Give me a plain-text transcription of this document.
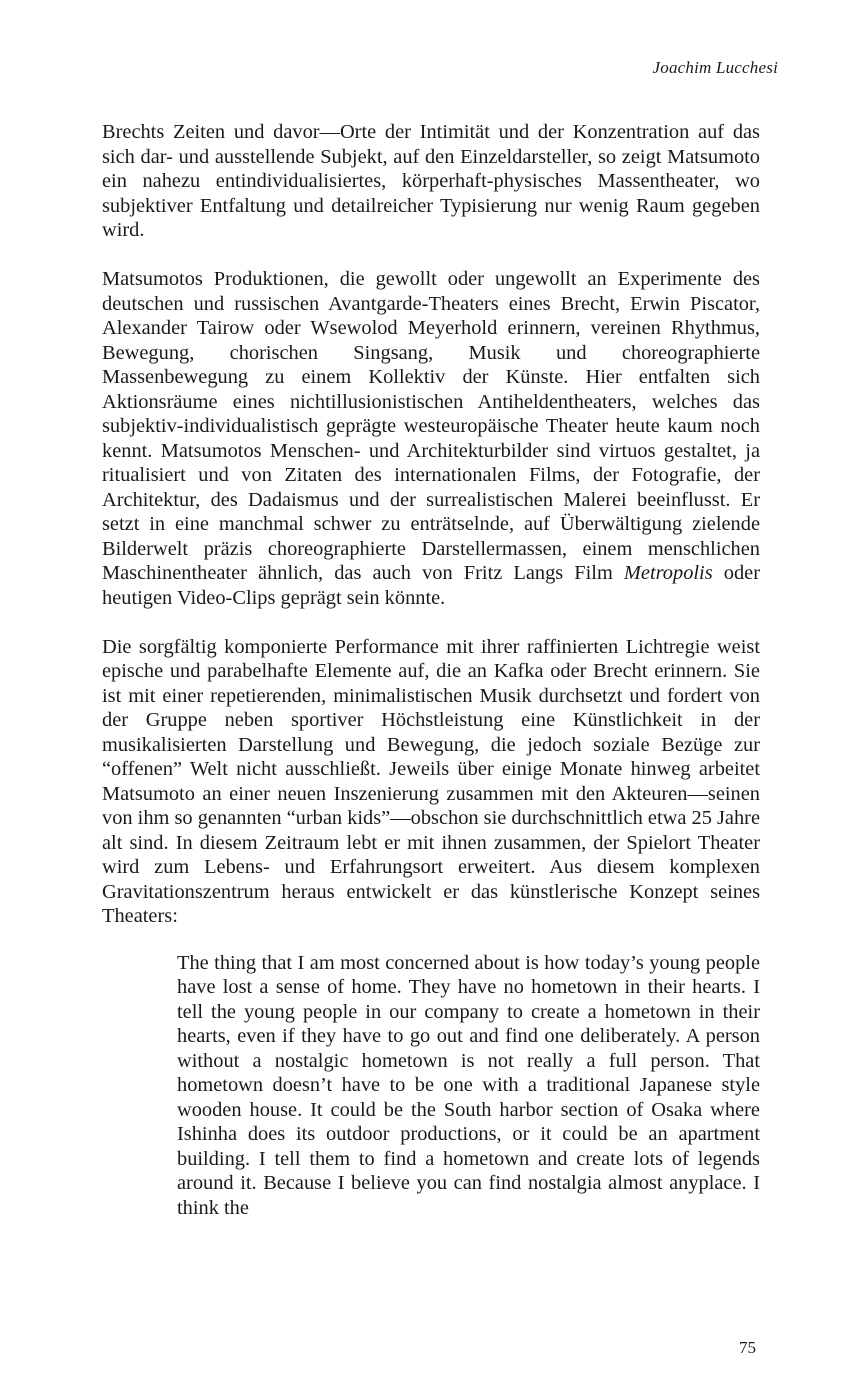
Joachim Lucchesi

Brechts Zeiten und davor—Orte der Intimität und der Konzentration auf das sich dar- und ausstellende Subjekt, auf den Einzeldarsteller, so zeigt Matsumoto ein nahezu entindividualisiertes, körperhaft-physisches Massentheater, wo subjektiver Entfaltung und detailreicher Typisierung nur wenig Raum gegeben wird.

Matsumotos Produktionen, die gewollt oder ungewollt an Experimente des deutschen und russischen Avantgarde-Theaters eines Brecht, Erwin Piscator, Alexander Tairow oder Wsewolod Meyerhold erinnern, vereinen Rhythmus, Bewegung, chorischen Singsang, Musik und choreographierte Massenbewegung zu einem Kollektiv der Künste. Hier entfalten sich Aktionsräume eines nichtillusionistischen Antiheldentheaters, welches das subjektiv-individualistisch geprägte westeuropäische Theater heute kaum noch kennt. Matsumotos Menschen- und Architekturbilder sind virtuos gestaltet, ja ritualisiert und von Zitaten des internationalen Films, der Fotografie, der Architektur, des Dadaismus und der surrealistischen Malerei beeinflusst. Er setzt in eine manchmal schwer zu enträtselnde, auf Überwältigung zielende Bilderwelt präzis choreographierte Darstellermassen, einem menschlichen Maschinentheater ähnlich, das auch von Fritz Langs Film Metropolis oder heutigen Video-Clips geprägt sein könnte.

Die sorgfältig komponierte Performance mit ihrer raffinierten Lichtregie weist epische und parabelhafte Elemente auf, die an Kafka oder Brecht erinnern. Sie ist mit einer repetierenden, minimalistischen Musik durchsetzt und fordert von der Gruppe neben sportiver Höchstleistung eine Künstlichkeit in der musikalisierten Darstellung und Bewegung, die jedoch soziale Bezüge zur “offenen” Welt nicht ausschließt. Jeweils über einige Monate hinweg arbeitet Matsumoto an einer neuen Inszenierung zusammen mit den Akteuren—seinen von ihm so genannten “urban kids”—obschon sie durchschnittlich etwa 25 Jahre alt sind. In diesem Zeitraum lebt er mit ihnen zusammen, der Spielort Theater wird zum Lebens- und Erfahrungsort erweitert. Aus diesem komplexen Gravitationszentrum heraus entwickelt er das künstlerische Konzept seines Theaters:

The thing that I am most concerned about is how today’s young people have lost a sense of home. They have no hometown in their hearts. I tell the young people in our company to create a hometown in their hearts, even if they have to go out and find one deliberately. A person without a nostalgic hometown is not really a full person. That hometown doesn’t have to be one with a traditional Japanese style wooden house. It could be the South harbor section of Osaka where Ishinha does its outdoor productions, or it could be an apartment building. I tell them to find a hometown and create lots of legends around it. Because I believe you can find nostalgia almost anyplace. I think the
75
